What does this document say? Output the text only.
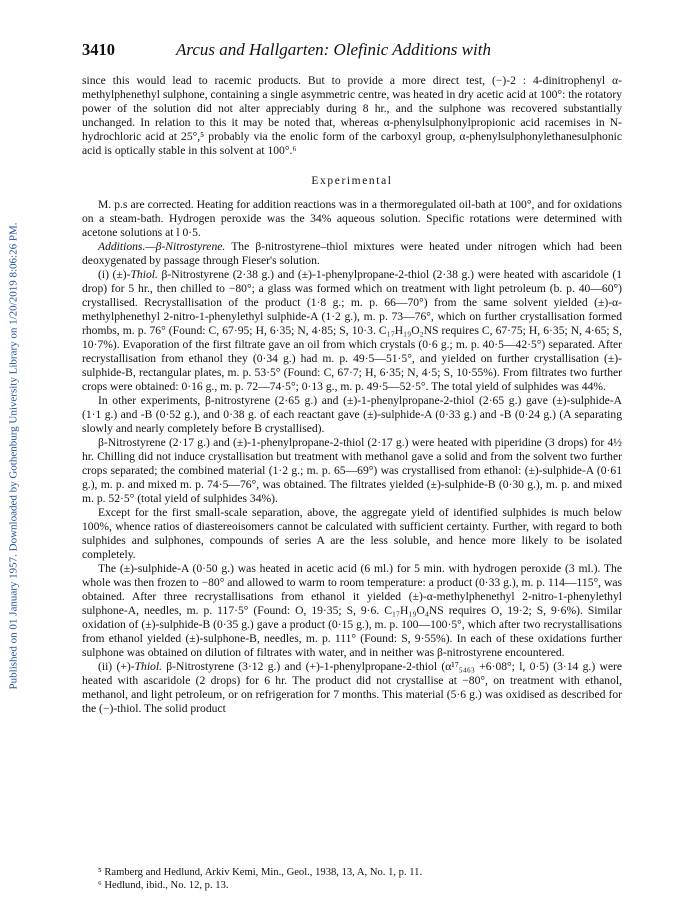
Published on 01 January 1957. Downloaded by Gothenburg University Library on 1/20/2019 8:06:26 PM.
3410	Arcus and Hallgarten: Olefinic Additions with

since this would lead to racemic products. But to provide a more direct test, (−)-2 : 4-dinitrophenyl α-methylphenethyl sulphone, containing a single asymmetric centre, was heated in dry acetic acid at 100°: the rotatory power of the solution did not alter appreciably during 8 hr., and the sulphone was recovered substantially unchanged. In relation to this it may be noted that, whereas α-phenylsulphonylpropionic acid racemises in N-hydrochloric acid at 25°,⁵ probably via the enolic form of the carboxyl group, α-phenylsulphonylethanesulphonic acid is optically stable in this solvent at 100°.⁶

Experimental

M. p.s are corrected. Heating for addition reactions was in a thermoregulated oil-bath at 100°, and for oxidations on a steam-bath. Hydrogen peroxide was the 34% aqueous solution. Specific rotations were determined with acetone solutions at l 0·5.

Additions.—β-Nitrostyrene. The β-nitrostyrene–thiol mixtures were heated under nitrogen which had been deoxygenated by passage through Fieser's solution.

(i) (±)-Thiol. β-Nitrostyrene (2·38 g.) and (±)-1-phenylpropane-2-thiol (2·38 g.) were heated with ascaridole (1 drop) for 5 hr., then chilled to −80°; a glass was formed which on treatment with light petroleum (b. p. 40—60°) crystallised. Recrystallisation of the product (1·8 g.; m. p. 66—70°) from the same solvent yielded (±)-α-methylphenethyl 2-nitro-1-phenylethyl sulphide-A (1·2 g.), m. p. 73—76°, which on further crystallisation formed rhombs, m. p. 76° (Found: C, 67·95; H, 6·35; N, 4·85; S, 10·3. C₁₇H₁₉O₂NS requires C, 67·75; H, 6·35; N, 4·65; S, 10·7%). Evaporation of the first filtrate gave an oil from which crystals (0·6 g.; m. p. 40·5—42·5°) separated. After recrystallisation from ethanol they (0·34 g.) had m. p. 49·5—51·5°, and yielded on further crystallisation (±)-sulphide-B, rectangular plates, m. p. 53·5° (Found: C, 67·7; H, 6·35; N, 4·5; S, 10·55%). From filtrates two further crops were obtained: 0·16 g., m. p. 72—74·5°; 0·13 g., m. p. 49·5—52·5°. The total yield of sulphides was 44%.

In other experiments, β-nitrostyrene (2·65 g.) and (±)-1-phenylpropane-2-thiol (2·65 g.) gave (±)-sulphide-A (1·1 g.) and -B (0·52 g.), and 0·38 g. of each reactant gave (±)-sulphide-A (0·33 g.) and -B (0·24 g.) (A separating slowly and nearly completely before B crystallised).

β-Nitrostyrene (2·17 g.) and (±)-1-phenylpropane-2-thiol (2·17 g.) were heated with piperidine (3 drops) for 4½ hr. Chilling did not induce crystallisation but treatment with methanol gave a solid and from the solvent two further crops separated; the combined material (1·2 g.; m. p. 65—69°) was crystallised from ethanol: (±)-sulphide-A (0·61 g.), m. p. and mixed m. p. 74·5—76°, was obtained. The filtrates yielded (±)-sulphide-B (0·30 g.), m. p. and mixed m. p. 52·5° (total yield of sulphides 34%).

Except for the first small-scale separation, above, the aggregate yield of identified sulphides is much below 100%, whence ratios of diastereoisomers cannot be calculated with sufficient certainty. Further, with regard to both sulphides and sulphones, compounds of series A are the less soluble, and hence more likely to be isolated completely.

The (±)-sulphide-A (0·50 g.) was heated in acetic acid (6 ml.) for 5 min. with hydrogen peroxide (3 ml.). The whole was then frozen to −80° and allowed to warm to room temperature: a product (0·33 g.), m. p. 114—115°, was obtained. After three recrystallisations from ethanol it yielded (±)-α-methylphenethyl 2-nitro-1-phenylethyl sulphone-A, needles, m. p. 117·5° (Found: O, 19·35; S, 9·6. C₁₇H₁₉O₄NS requires O, 19·2; S, 9·6%). Similar oxidation of (±)-sulphide-B (0·35 g.) gave a product (0·15 g.), m. p. 100—100·5°, which after two recrystallisations from ethanol yielded (±)-sulphone-B, needles, m. p. 111° (Found: S, 9·55%). In each of these oxidations further sulphone was obtained on dilution of filtrates with water, and in neither was β-nitrostyrene encountered.

(ii) (+)-Thiol. β-Nitrostyrene (3·12 g.) and (+)-1-phenylpropane-2-thiol (α¹⁷₅₄₆₃ +6·08°; l, 0·5) (3·14 g.) were heated with ascaridole (2 drops) for 6 hr. The product did not crystallise at −80°, on treatment with ethanol, methanol, and light petroleum, or on refrigeration for 7 months. This material (5·6 g.) was oxidised as described for the (−)-thiol. The solid product

⁵ Ramberg and Hedlund, Arkiv Kemi, Min., Geol., 1938, 13, A, No. 1, p. 11.

⁶ Hedlund, ibid., No. 12, p. 13.
